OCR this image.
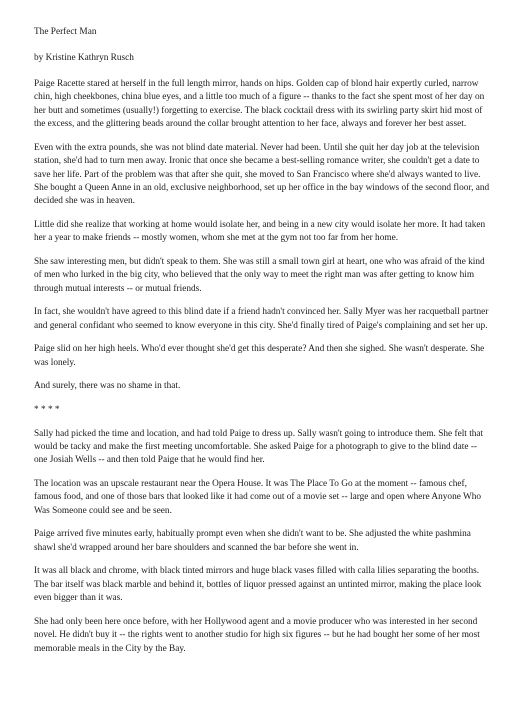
The Perfect Man

by Kristine Kathryn Rusch

Paige Racette stared at herself in the full length mirror, hands on hips. Golden cap of blond hair expertly curled, narrow chin, high cheekbones, china blue eyes, and a little too much of a figure -- thanks to the fact she spent most of her day on her butt and sometimes (usually!) forgetting to exercise. The black cocktail dress with its swirling party skirt hid most of the excess, and the glittering beads around the collar brought attention to her face, always and forever her best asset.

Even with the extra pounds, she was not blind date material. Never had been. Until she quit her day job at the television station, she'd had to turn men away. Ironic that once she became a best-selling romance writer, she couldn't get a date to save her life. Part of the problem was that after she quit, she moved to San Francisco where she'd always wanted to live. She bought a Queen Anne in an old, exclusive neighborhood, set up her office in the bay windows of the second floor, and decided she was in heaven.

Little did she realize that working at home would isolate her, and being in a new city would isolate her more. It had taken her a year to make friends -- mostly women, whom she met at the gym not too far from her home.

She saw interesting men, but didn't speak to them. She was still a small town girl at heart, one who was afraid of the kind of men who lurked in the big city, who believed that the only way to meet the right man was after getting to know him through mutual interests -- or mutual friends.

In fact, she wouldn't have agreed to this blind date if a friend hadn't convinced her. Sally Myer was her racquetball partner and general confidant who seemed to know everyone in this city. She'd finally tired of Paige's complaining and set her up.

Paige slid on her high heels. Who'd ever thought she'd get this desperate? And then she sighed. She wasn't desperate. She was lonely.

And surely, there was no shame in that.

* * * *

Sally had picked the time and location, and had told Paige to dress up. Sally wasn't going to introduce them. She felt that would be tacky and make the first meeting uncomfortable. She asked Paige for a photograph to give to the blind date -- one Josiah Wells -- and then told Paige that he would find her.

The location was an upscale restaurant near the Opera House. It was The Place To Go at the moment -- famous chef, famous food, and one of those bars that looked like it had come out of a movie set -- large and open where Anyone Who Was Someone could see and be seen.

Paige arrived five minutes early, habitually prompt even when she didn't want to be. She adjusted the white pashmina shawl she'd wrapped around her bare shoulders and scanned the bar before she went in.

It was all black and chrome, with black tinted mirrors and huge black vases filled with calla lilies separating the booths. The bar itself was black marble and behind it, bottles of liquor pressed against an untinted mirror, making the place look even bigger than it was.

She had only been here once before, with her Hollywood agent and a movie producer who was interested in her second novel. He didn't buy it -- the rights went to another studio for high six figures -- but he had bought her some of her most memorable meals in the City by the Bay.
